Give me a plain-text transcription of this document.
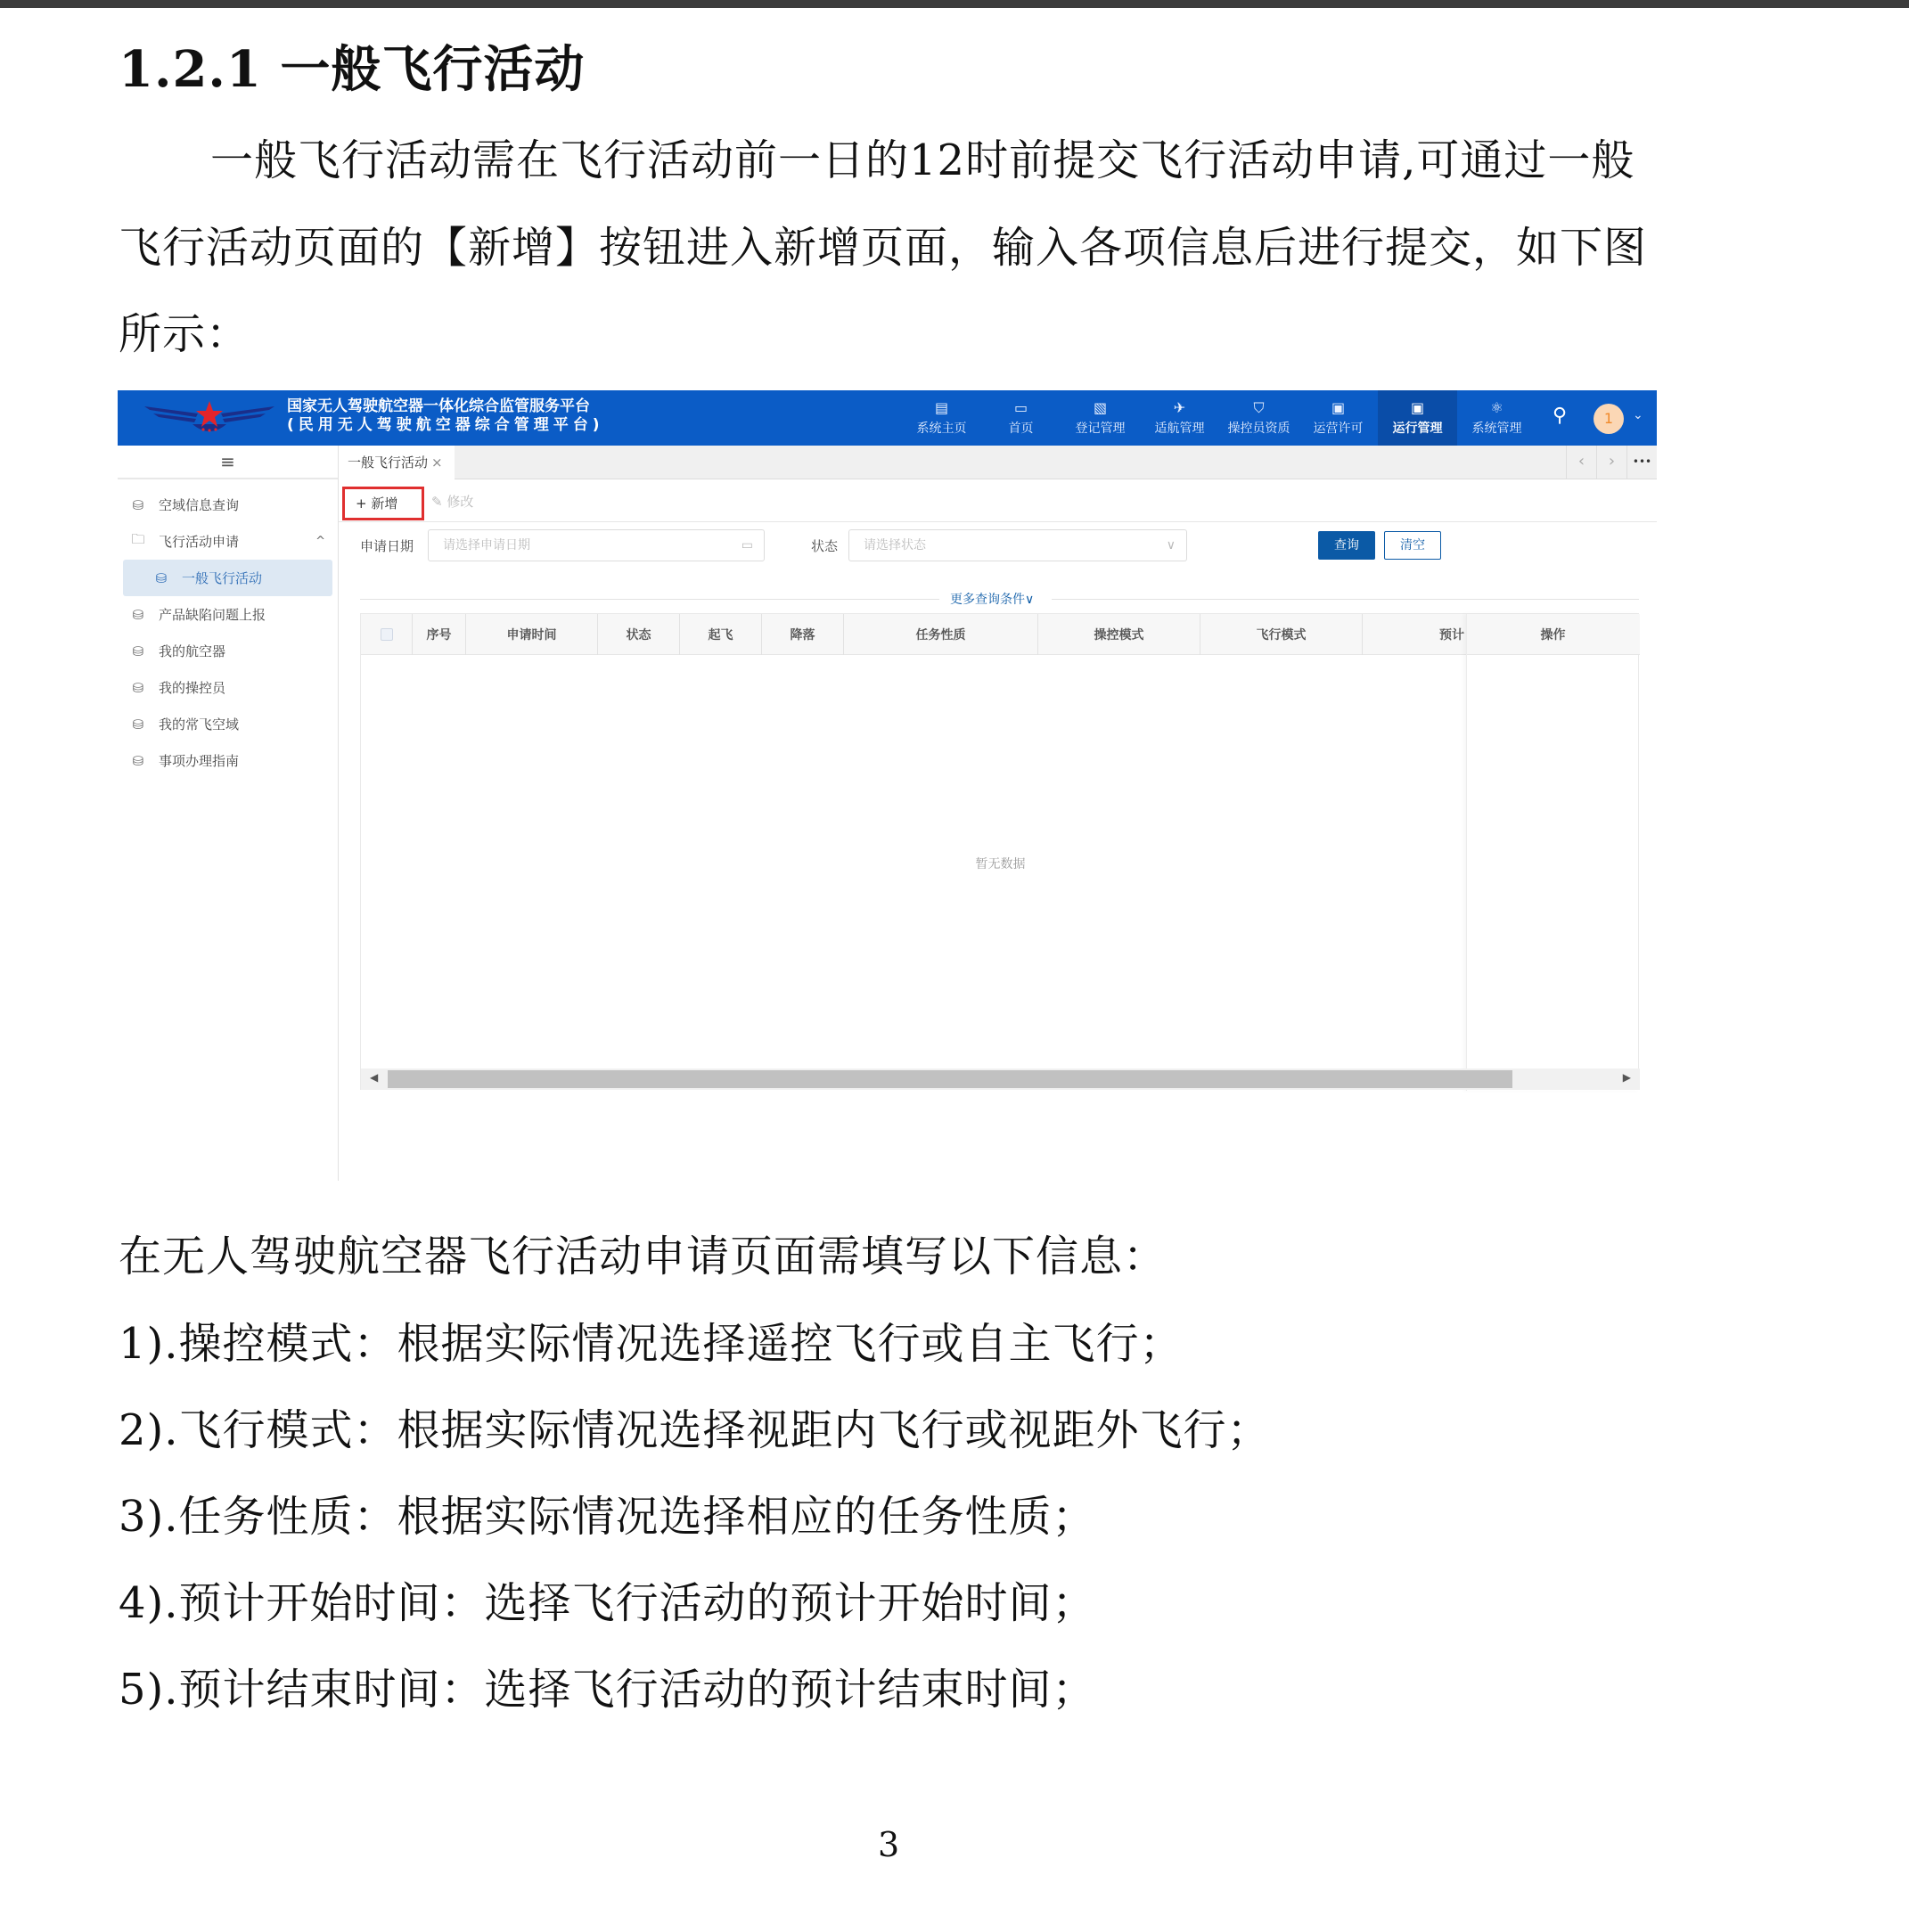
1.2.1 一般飞行活动

一般飞行活动需在飞行活动前一日的12时前提交飞行活动申请,可通过一般

飞行活动页面的【新增】按钮进入新增页面，输入各项信息后进行提交，如下图

所示：

国家无人驾驶航空器一体化综合监管服务平台
(民用无人驾驶航空器综合管理平台)
▤
系统主页
▭
首页
▧
登记管理
✈
适航管理
⛉
操控员资质
▣
运营许可
▣
运行管理
⚛
系统管理
⚲	1	⌄
≡
⛁	空域信息查询
🗀 飞行活动申请	^
⛁	一般飞行活动
⛁	产品缺陷问题上报
⛁	我的航空器
⛁	我的操控员
⛁	我的常飞空域
⛁	事项办理指南
一般飞行活动 ×	‹	›	•••
+ 新增	✎ 修改
申请日期	请选择申请日期	▭	状态	请选择状态	∨	查询	清空
更多查询条件∨
序号	申请时间	状态	起飞	降落	任务性质	操控模式	飞行模式	预计	操作
暂无数据
◀	▶

在无人驾驶航空器飞行活动申请页面需填写以下信息：

1).操控模式：根据实际情况选择遥控飞行或自主飞行；

2).飞行模式：根据实际情况选择视距内飞行或视距外飞行；

3).任务性质：根据实际情况选择相应的任务性质；

4).预计开始时间：选择飞行活动的预计开始时间；

5).预计结束时间：选择飞行活动的预计结束时间；

3
